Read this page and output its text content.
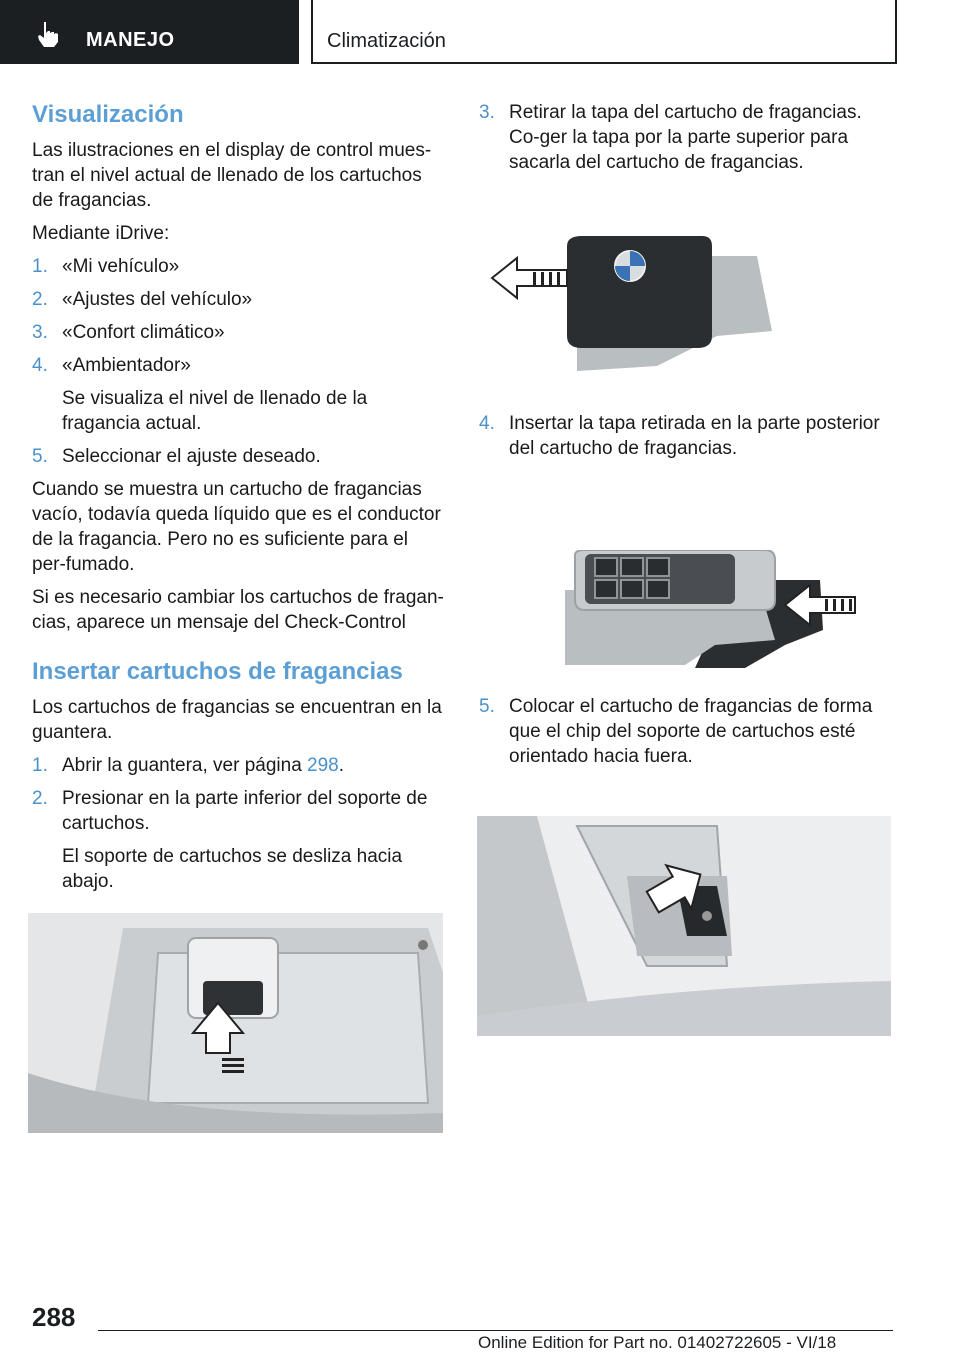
MANEJO	Climatización
Visualización

Las ilustraciones en el display de control mues-tran el nivel actual de llenado de los cartuchos de fragancias.

Mediante iDrive:

1. «Mi vehículo»
2. «Ajustes del vehículo»
3. «Confort climático»
4. «Ambientador»

Se visualiza el nivel de llenado de la fragancia actual.

5. Seleccionar el ajuste deseado.

Cuando se muestra un cartucho de fragancias vacío, todavía queda líquido que es el conductor de la fragancia. Pero no es suficiente para el per-fumado.

Si es necesario cambiar los cartuchos de fragan-cias, aparece un mensaje del Check-Control

Insertar cartuchos de fragancias

Los cartuchos de fragancias se encuentran en la guantera.

1. Abrir la guantera, ver página 298.
2. Presionar en la parte inferior del soporte de cartuchos.

El soporte de cartuchos se desliza hacia abajo.

3. Retirar la tapa del cartucho de fragancias. Co-ger la tapa por la parte superior para sacarla del cartucho de fragancias.
4. Insertar la tapa retirada en la parte posterior del cartucho de fragancias.
5. Colocar el cartucho de fragancias de forma que el chip del soporte de cartuchos esté orientado hacia fuera.
288
Online Edition for Part no. 01402722605 - VI/18
